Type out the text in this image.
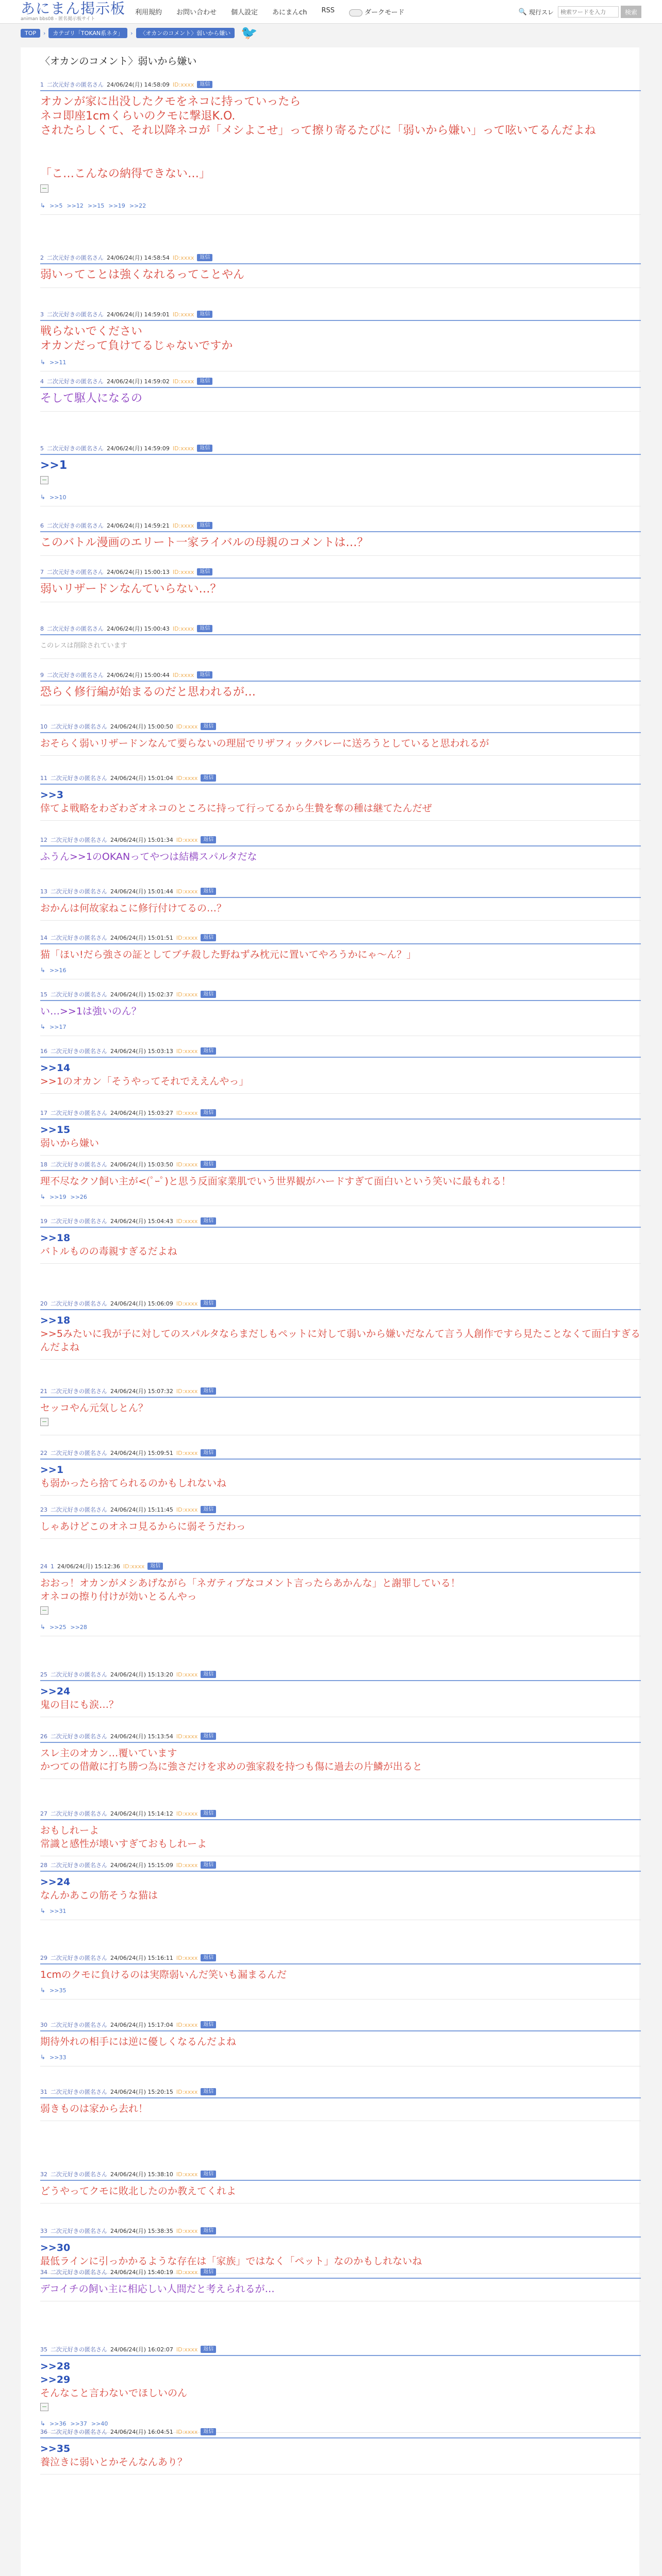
あにまん掲示板
animan bbs08 - 匿名掲示板サイト
利用規約 お問い合わせ 個人設定 あにまんch RSS	ダークモード	🔍 現行スレ
検索ワードを入力	検索
TOP	›	カテゴリ「TOKAN系ネタ」	›	〈オカンのコメント〉弱いから嫌い 🐦
〈オカンのコメント〉弱いから嫌い
1 二次元好きの匿名さん 24/06/24(月) 14:58:09 ID:xxxx	返信
オカンが家に出没したクモをネコに持っていったら
ネコ即座1cmくらいのクモに撃退K.O.
されたらしくて、それ以降ネコが「メシよこせ」って擦り寄るたびに「弱いから嫌い」って呟いてるんだよね

「こ…こんなの納得できない…」
↳ >>5 >>12 >>15 >>19 >>22
2 二次元好きの匿名さん 24/06/24(月) 14:58:54 ID:xxxx	返信
弱いってことは強くなれるってことやん
3 二次元好きの匿名さん 24/06/24(月) 14:59:01 ID:xxxx	返信
戦らないでください
オカンだって負けてるじゃないですか
↳ >>11
4 二次元好きの匿名さん 24/06/24(月) 14:59:02 ID:xxxx	返信
そして駆人になるの
5 二次元好きの匿名さん 24/06/24(月) 14:59:09 ID:xxxx	返信
>>1
↳ >>10
6 二次元好きの匿名さん 24/06/24(月) 14:59:21 ID:xxxx	返信
このバトル漫画のエリート一家ライバルの母親のコメントは…？
7 二次元好きの匿名さん 24/06/24(月) 15:00:13 ID:xxxx	返信
弱いリザードンなんていらない…？
8 二次元好きの匿名さん 24/06/24(月) 15:00:43 ID:xxxx	返信
このレスは削除されています
9 二次元好きの匿名さん 24/06/24(月) 15:00:44 ID:xxxx	返信
恐らく修行編が始まるのだと思われるが…
10 二次元好きの匿名さん 24/06/24(月) 15:00:50 ID:xxxx	返信
おそらく弱いリザードンなんて要らないの理屈でリザフィックバレーに送ろうとしていると思われるが
11 二次元好きの匿名さん 24/06/24(月) 15:01:04 ID:xxxx	返信
>>3
倖てよ戦略をわざわざオネコのところに持って行ってるから生贄を奪の種は継てたんだぜ
12 二次元好きの匿名さん 24/06/24(月) 15:01:34 ID:xxxx	返信
ふうん>>1のOKANってやつは結構スパルタだな
13 二次元好きの匿名さん 24/06/24(月) 15:01:44 ID:xxxx	返信
おかんは何故家ねこに修行付けてるの…？
14 二次元好きの匿名さん 24/06/24(月) 15:01:51 ID:xxxx	返信
猫「ほい!だら強さの証としてブチ殺した野ねずみ枕元に置いてやろうかにゃ～ん？」
↳ >>16
15 二次元好きの匿名さん 24/06/24(月) 15:02:37 ID:xxxx	返信
い…>>1は強いのん？
↳ >>17
16 二次元好きの匿名さん 24/06/24(月) 15:03:13 ID:xxxx	返信
>>14
>>1のオカン「そうやってそれでええんやっ」
17 二次元好きの匿名さん 24/06/24(月) 15:03:27 ID:xxxx	返信
>>15
弱いから嫌い
18 二次元好きの匿名さん 24/06/24(月) 15:03:50 ID:xxxx	返信
理不尽なクソ飼い主が<(ﾟｰﾟ)と思う反面家業肌でいう世界観がハードすぎて面白いという笑いに最もれる！
↳ >>19 >>26
19 二次元好きの匿名さん 24/06/24(月) 15:04:43 ID:xxxx	返信
>>18
バトルものの毒親すぎるだよね
20 二次元好きの匿名さん 24/06/24(月) 15:06:09 ID:xxxx	返信
>>18
>>5みたいに我が子に対してのスパルタならまだしもペットに対して弱いから嫌いだなんて言う人創作ですら見たことなくて面白すぎるんだよね
21 二次元好きの匿名さん 24/06/24(月) 15:07:32 ID:xxxx	返信
セッコやん元気しとん？
22 二次元好きの匿名さん 24/06/24(月) 15:09:51 ID:xxxx	返信
>>1
も弱かったら捨てられるのかもしれないね
23 二次元好きの匿名さん 24/06/24(月) 15:11:45 ID:xxxx	返信
しゃあけどこのオネコ見るからに弱そうだわっ
24 1 24/06/24(月) 15:12:36 ID:xxxx	返信
おおっ！オカンがメシあげながら「ネガティブなコメント言ったらあかんな」と謝罪している！
オネコの擦り付けが効いとるんやっ
↳ >>25 >>28
25 二次元好きの匿名さん 24/06/24(月) 15:13:20 ID:xxxx	返信
>>24
鬼の目にも涙…？
26 二次元好きの匿名さん 24/06/24(月) 15:13:54 ID:xxxx	返信
スレ主のオカン…覆いています
かつての借敵に打ち勝つ為に強さだけを求めの強家殺を持つも傷に過去の片鱗が出ると
27 二次元好きの匿名さん 24/06/24(月) 15:14:12 ID:xxxx	返信
おもしれーよ
常識と感性が壊いすぎておもしれーよ
28 二次元好きの匿名さん 24/06/24(月) 15:15:09 ID:xxxx	返信
>>24
なんかあこの筋そうな猫は
↳ >>31
29 二次元好きの匿名さん 24/06/24(月) 15:16:11 ID:xxxx	返信
1cmのクモに負けるのは実際弱いんだ笑いも漏まるんだ
↳ >>35
30 二次元好きの匿名さん 24/06/24(月) 15:17:04 ID:xxxx	返信
期待外れの相手には逆に優しくなるんだよね
↳ >>33
31 二次元好きの匿名さん 24/06/24(月) 15:20:15 ID:xxxx	返信
弱きものは家から去れ！
32 二次元好きの匿名さん 24/06/24(月) 15:38:10 ID:xxxx	返信
どうやってクモに敗北したのか教えてくれよ
33 二次元好きの匿名さん 24/06/24(月) 15:38:35 ID:xxxx	返信
>>30
最低ラインに引っかかるような存在は「家族」ではなく「ペット」なのかもしれないね
34 二次元好きの匿名さん 24/06/24(月) 15:40:19 ID:xxxx	返信
デコイチの飼い主に相応しい人間だと考えられるが…
35 二次元好きの匿名さん 24/06/24(月) 16:02:07 ID:xxxx	返信
>>28
>>29
そんなこと言わないでほしいのん
↳ >>36 >>37 >>40
36 二次元好きの匿名さん 24/06/24(月) 16:04:51 ID:xxxx	返信
>>35
養泣きに弱いとかそんなんあり？
